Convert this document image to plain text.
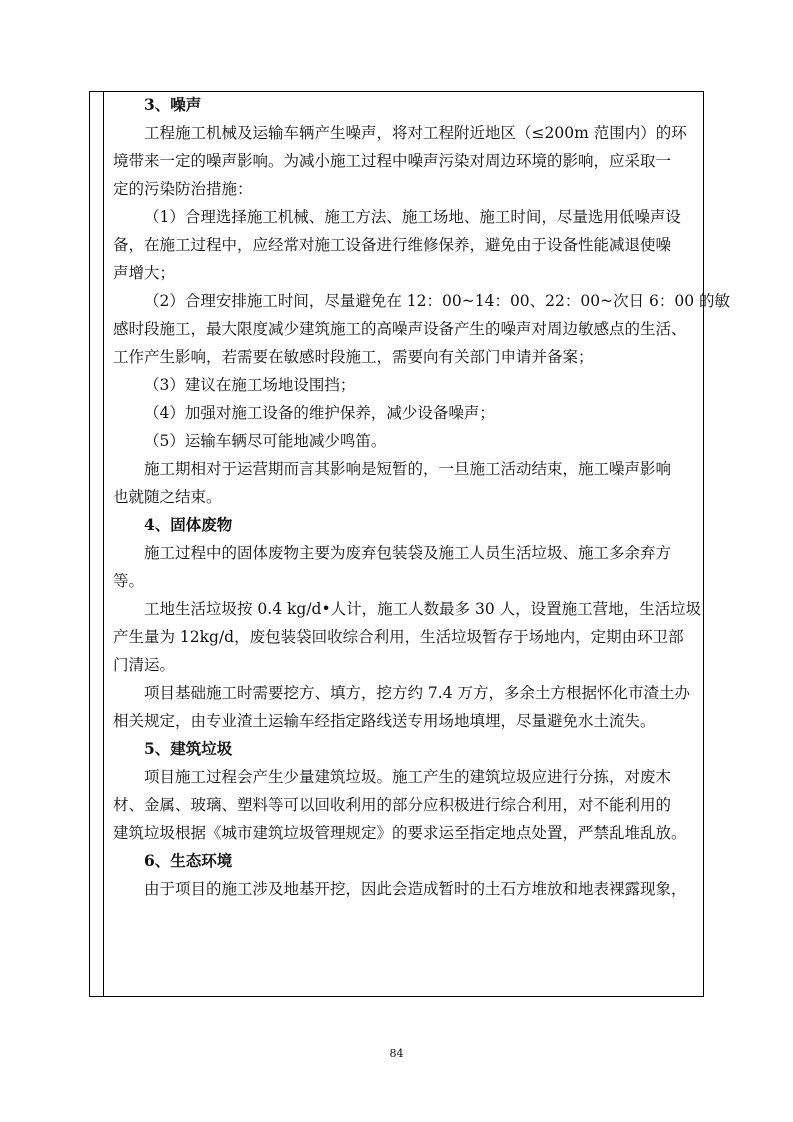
3、噪声

工程施工机械及运输车辆产生噪声，将对工程附近地区（≤200m 范围内）的环
境带来一定的噪声影响。为减小施工过程中噪声污染对周边环境的影响，应采取一
定的污染防治措施：
（1）合理选择施工机械、施工方法、施工场地、施工时间，尽量选用低噪声设
备，在施工过程中，应经常对施工设备进行维修保养，避免由于设备性能减退使噪
声增大；
（2）合理安排施工时间，尽量避免在 12：00~14：00、22：00~次日 6：00 的敏
感时段施工，最大限度减少建筑施工的高噪声设备产生的噪声对周边敏感点的生活、
工作产生影响，若需要在敏感时段施工，需要向有关部门申请并备案；
（3）建议在施工场地设围挡；
（4）加强对施工设备的维护保养，减少设备噪声；
（5）运输车辆尽可能地减少鸣笛。
施工期相对于运营期而言其影响是短暂的，一旦施工活动结束，施工噪声影响
也就随之结束。

4、固体废物

施工过程中的固体废物主要为废弃包装袋及施工人员生活垃圾、施工多余弃方
等。
工地生活垃圾按 0.4 kg/d•人计，施工人数最多 30 人，设置施工营地，生活垃圾
产生量为 12kg/d，废包装袋回收综合利用，生活垃圾暂存于场地内，定期由环卫部
门清运。
项目基础施工时需要挖方、填方，挖方约 7.4 万方，多余土方根据怀化市渣土办
相关规定，由专业渣土运输车经指定路线送专用场地填埋，尽量避免水土流失。

5、建筑垃圾

项目施工过程会产生少量建筑垃圾。施工产生的建筑垃圾应进行分拣，对废木
材、金属、玻璃、塑料等可以回收利用的部分应积极进行综合利用，对不能利用的
建筑垃圾根据《城市建筑垃圾管理规定》的要求运至指定地点处置，严禁乱堆乱放。

6、生态环境

由于项目的施工涉及地基开挖，因此会造成暂时的土石方堆放和地表裸露现象，
84
